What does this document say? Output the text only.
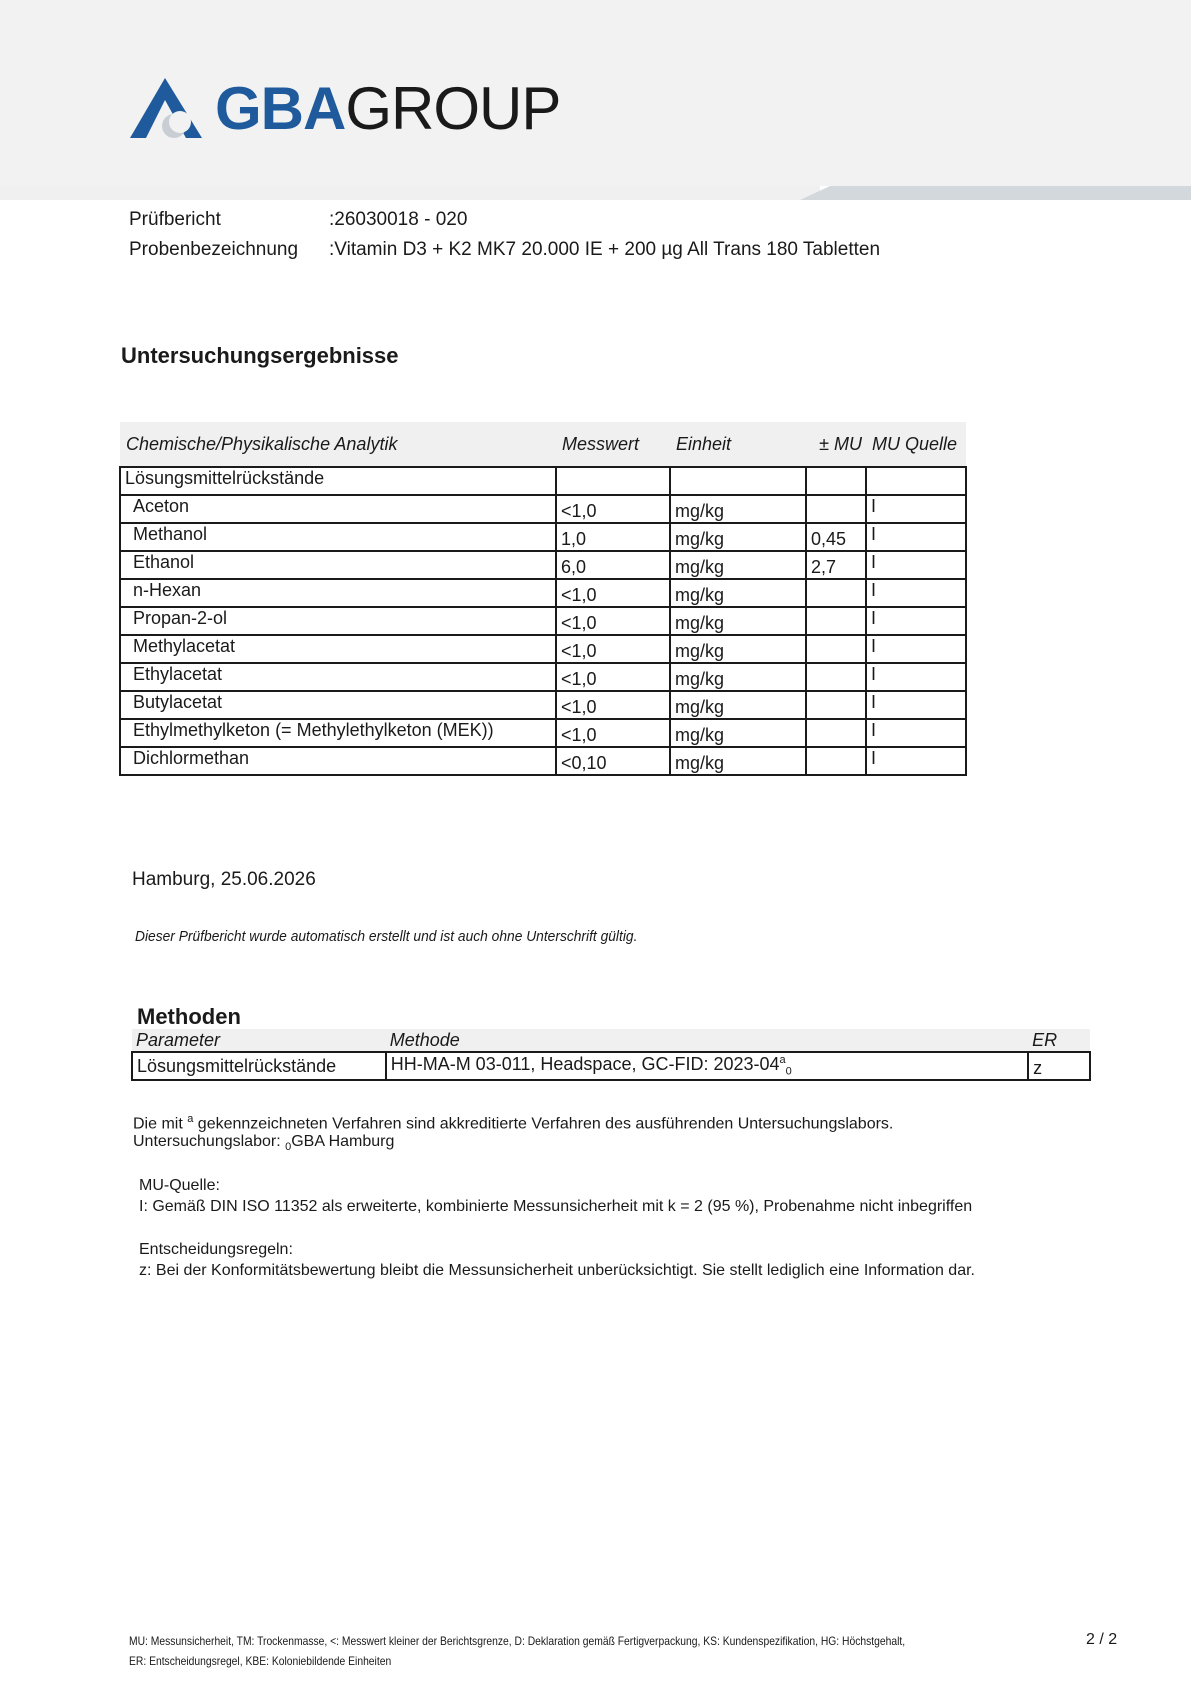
GBAGROUP
Prüfbericht	:26030018 - 020
Probenbezeichnung :Vitamin D3 + K2 MK7 20.000 IE + 200 µg All Trans 180 Tabletten
Untersuchungsergebnisse
Chemische/Physikalische Analytik	Messwert	Einheit	± MU	MU Quelle
Lösungsmittelrückstände				
Aceton	<1,0	mg/kg		I
Methanol	1,0	mg/kg	0,45	I
Ethanol	6,0	mg/kg	2,7	I
n-Hexan	<1,0	mg/kg		I
Propan-2-ol	<1,0	mg/kg		I
Methylacetat	<1,0	mg/kg		I
Ethylacetat	<1,0	mg/kg		I
Butylacetat	<1,0	mg/kg		I
Ethylmethylketon (= Methylethylketon (MEK))	<1,0	mg/kg		I
Dichlormethan	<0,10	mg/kg		I
Hamburg, 25.06.2026
Dieser Prüfbericht wurde automatisch erstellt und ist auch ohne Unterschrift gültig.
Methoden
Parameter	Methode	ER
Lösungsmittelrückstände	HH-MA-M 03-011, Headspace, GC-FID: $2023-04^a_0$	z
Die mit $^a$ gekennzeichneten Verfahren sind akkreditierte Verfahren des ausführenden Untersuchungslabors.
Untersuchungslabor: $_0$GBA Hamburg
MU-Quelle:
I: Gemäß DIN ISO 11352 als erweiterte, kombinierte Messunsicherheit mit k = 2 (95 %), Probenahme nicht inbegriffen
Entscheidungsregeln:
z: Bei der Konformitätsbewertung bleibt die Messunsicherheit unberücksichtigt. Sie stellt lediglich eine Information dar.
MU: Messunsicherheit, TM: Trockenmasse, <: Messwert kleiner der Berichtsgrenze, D: Deklaration gemäß Fertigverpackung, KS: Kundenspezifikation, HG: Höchstgehalt,
ER: Entscheidungsregel, KBE: Koloniebildende Einheiten
2 / 2
